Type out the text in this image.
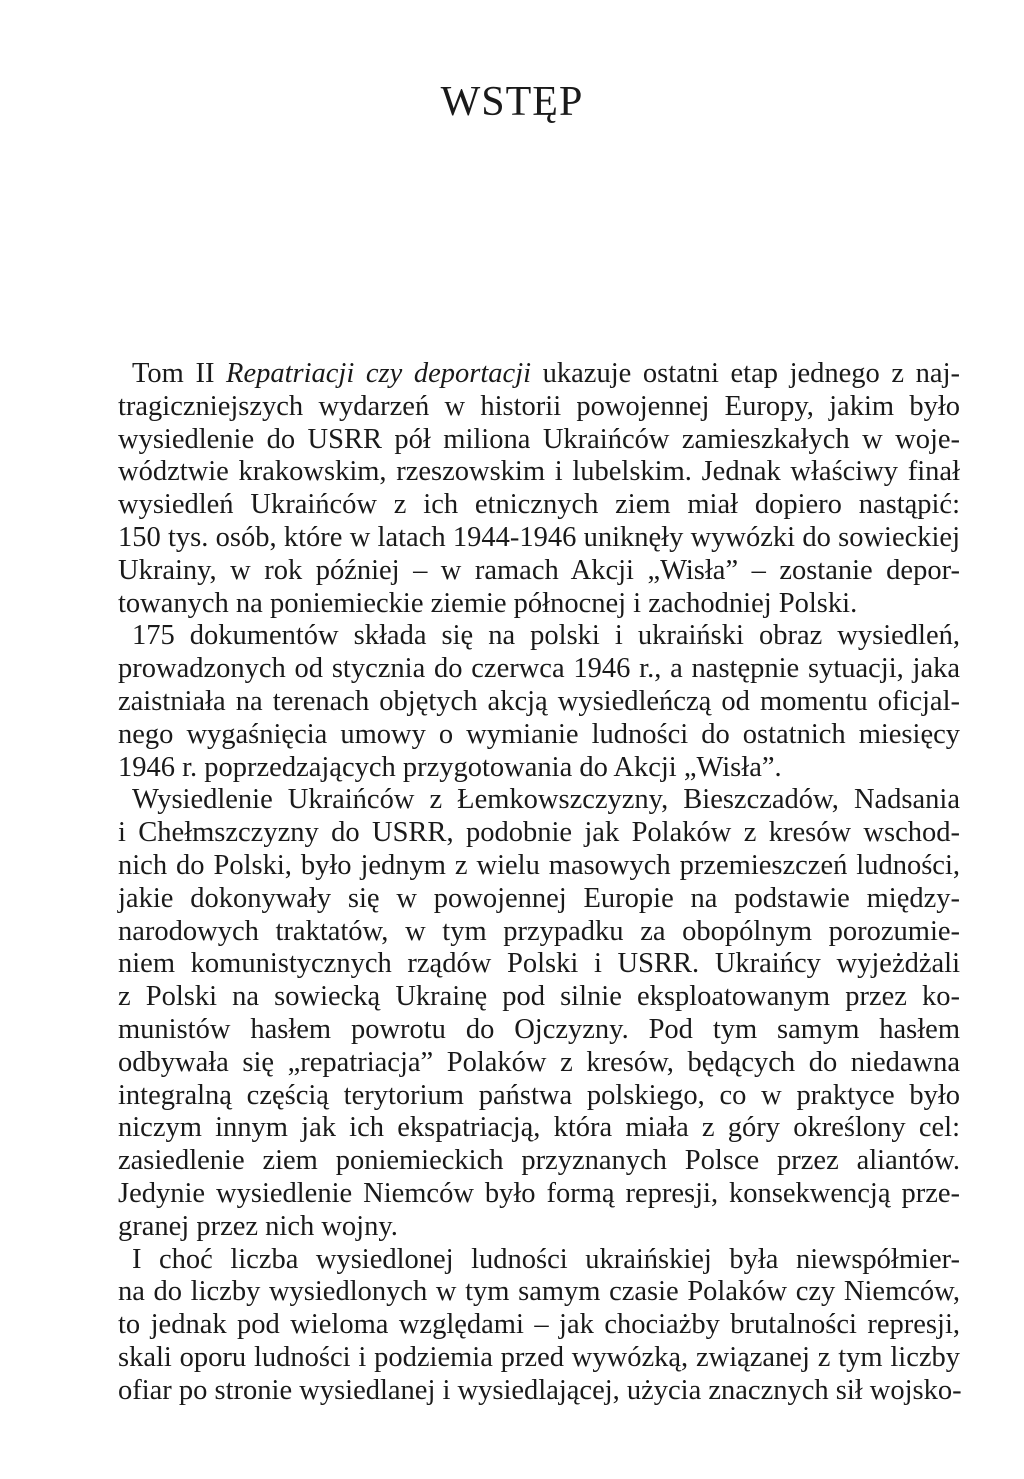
WSTĘP
Tom II Repatriacji czy deportacji ukazuje ostatni etap jednego z naj-
tragiczniejszych wydarzeń w historii powojennej Europy, jakim było
wysiedlenie do USRR pół miliona Ukraińców zamieszkałych w woje-
wództwie krakowskim, rzeszowskim i lubelskim. Jednak właściwy finał
wysiedleń Ukraińców z ich etnicznych ziem miał dopiero nastąpić:
150 tys. osób, które w latach 1944-1946 uniknęły wywózki do sowieckiej
Ukrainy, w rok później – w ramach Akcji „Wisła” – zostanie depor-
towanych na poniemieckie ziemie północnej i zachodniej Polski.
175 dokumentów składa się na polski i ukraiński obraz wysiedleń,
prowadzonych od stycznia do czerwca 1946 r., a następnie sytuacji, jaka
zaistniała na terenach objętych akcją wysiedleńczą od momentu oficjal-
nego wygaśnięcia umowy o wymianie ludności do ostatnich miesięcy
1946 r. poprzedzających przygotowania do Akcji „Wisła”.
Wysiedlenie Ukraińców z Łemkowszczyzny, Bieszczadów, Nadsania
i Chełmszczyzny do USRR, podobnie jak Polaków z kresów wschod-
nich do Polski, było jednym z wielu masowych przemieszczeń ludności,
jakie dokonywały się w powojennej Europie na podstawie między-
narodowych traktatów, w tym przypadku za obopólnym porozumie-
niem komunistycznych rządów Polski i USRR. Ukraińcy wyjeżdżali
z Polski na sowiecką Ukrainę pod silnie eksploatowanym przez ko-
munistów hasłem powrotu do Ojczyzny. Pod tym samym hasłem
odbywała się „repatriacja” Polaków z kresów, będących do niedawna
integralną częścią terytorium państwa polskiego, co w praktyce było
niczym innym jak ich ekspatriacją, która miała z góry określony cel:
zasiedlenie ziem poniemieckich przyznanych Polsce przez aliantów.
Jedynie wysiedlenie Niemców było formą represji, konsekwencją prze-
granej przez nich wojny.
I choć liczba wysiedlonej ludności ukraińskiej była niewspółmier-
na do liczby wysiedlonych w tym samym czasie Polaków czy Niemców,
to jednak pod wieloma względami – jak chociażby brutalności represji,
skali oporu ludności i podziemia przed wywózką, związanej z tym liczby
ofiar po stronie wysiedlanej i wysiedlającej, użycia znacznych sił wojsko-
